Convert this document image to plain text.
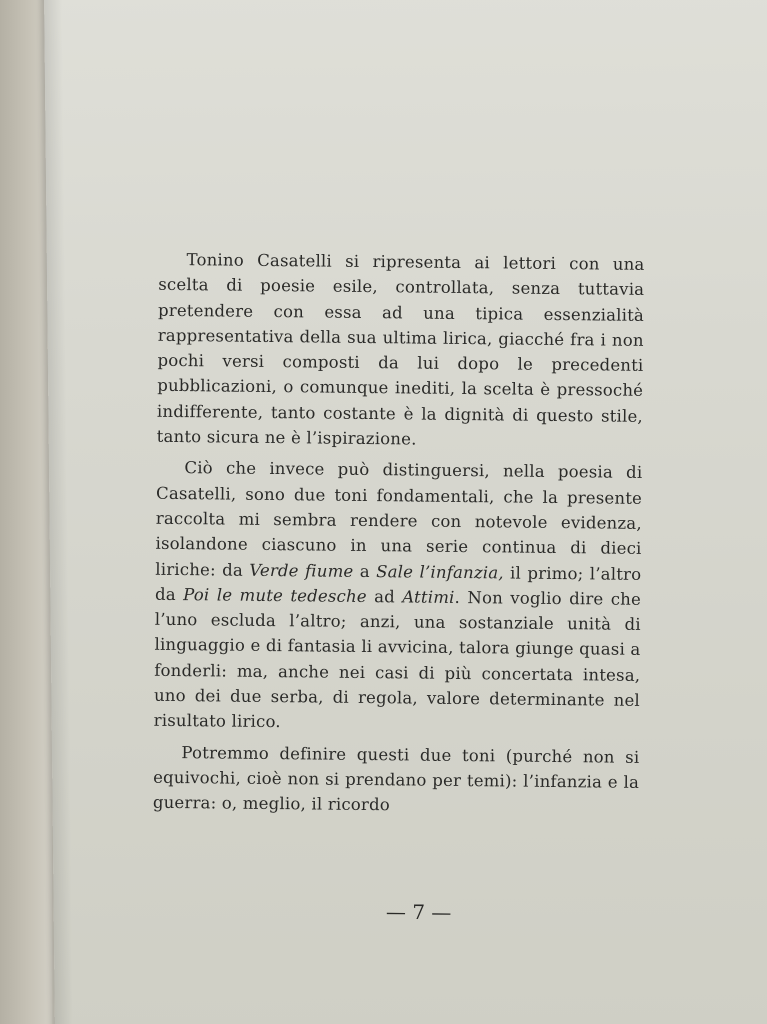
Tonino Casatelli si ripresenta ai lettori con una scelta di poesie esile, controllata, senza tuttavia pretendere con essa ad una tipica essenzialità rappresentativa della sua ultima lirica, giacché fra i non pochi versi composti da lui dopo le precedenti pubblicazioni, o comunque inediti, la scelta è pressoché indifferente, tanto costante è la dignità di questo stile, tanto sicura ne è l’ispirazione.

Ciò che invece può distinguersi, nella poesia di Casatelli, sono due toni fondamentali, che la presente raccolta mi sembra rendere con notevole evidenza, isolandone ciascuno in una serie continua di dieci liriche: da Verde fiume a Sale l’infanzia, il primo; l’altro da Poi le mute tedesche ad Attimi. Non voglio dire che l’uno escluda l’altro; anzi, una sostanziale unità di linguaggio e di fantasia li avvicina, talora giunge quasi a fonderli: ma, anche nei casi di più concertata intesa, uno dei due serba, di regola, valore determinante nel risultato lirico.

Potremmo definire questi due toni (purché non si equivochi, cioè non si prendano per temi): l’infanzia e la guerra: o, meglio, il ricordo

— 7 —
